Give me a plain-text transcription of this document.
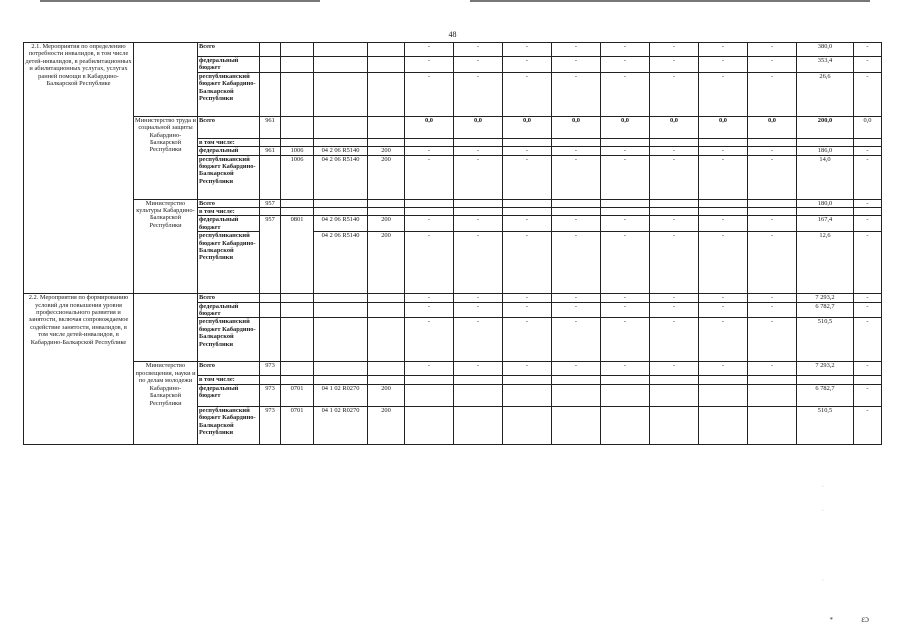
48
2.1. Мероприятия по определению потребности инвалидов, в том числе детей-инвалидов, в реабилитационных и абилитационных услугах, услугах ранней помощи в Кабардино-Балкарской Республике		Всего					-	-	-	-	-	-	-	-	380,0	-
		федеральный бюджет					-	-	-	-	-	-	-	-	353,4	-
		республиканский бюджет Кабардино-Балкарской Республики					-	-	-	-	-	-	-	-	26,6	-
	Министерство труда и социальной защиты Кабардино-Балкарской Республики	Всего	961				0,0	0,0	0,0	0,0	0,0	0,0	0,0	0,0	200,0	0,0
		в том числе:														
		федеральный	961	1006	04 2 06 R5140	200	-	-	-	-	-	-	-	-	186,0	-
		республиканский бюджет Кабардино-Балкарской Республики		1006	04 2 06 R5140	200	-	-	-	-	-	-	-	-	14,0	-
	Министерство культуры Кабардино-Балкарской Республики	Всего	957												180,0	-
		в том числе:														
		федеральный бюджет	957	0801	04 2 06 R5140	200	-	-	-	-	-	-	-	-	167,4	-
		республиканский бюджет Кабардино-Балкарской Республики			04 2 06 R5140	200	-	-	-	-	-	-	-	-	12,6	-
2.2. Мероприятия по формированию условий для повышения уровня профессионального развития и занятости, включая сопровождаемое содействие занятости, инвалидов, в том числе детей-инвалидов, в Кабардино-Балкарской Республике		Всего					-	-	-	-	-	-	-	-	7 293,2	-
		федеральный бюджет					-	-	-	-	-	-	-	-	6 782,7	-
		республиканский бюджет Кабардино-Балкарской Республики					-	-	-	-	-	-	-	-	510,5	-
	Министерство просвещения, науки и по делам молодежи Кабардино-Балкарской Республики	Всего	973				-	-	-	-	-	-	-	-	7 293,2	-
		в том числе:														
		федеральный бюджет	973	0701	04 1 02 R0270	200									6 782,7	-
		республиканский бюджет Кабардино-Балкарской Республики	973	0701	04 1 02 R0270	200									510,5	-
·
·
·
*	ɛɔ
